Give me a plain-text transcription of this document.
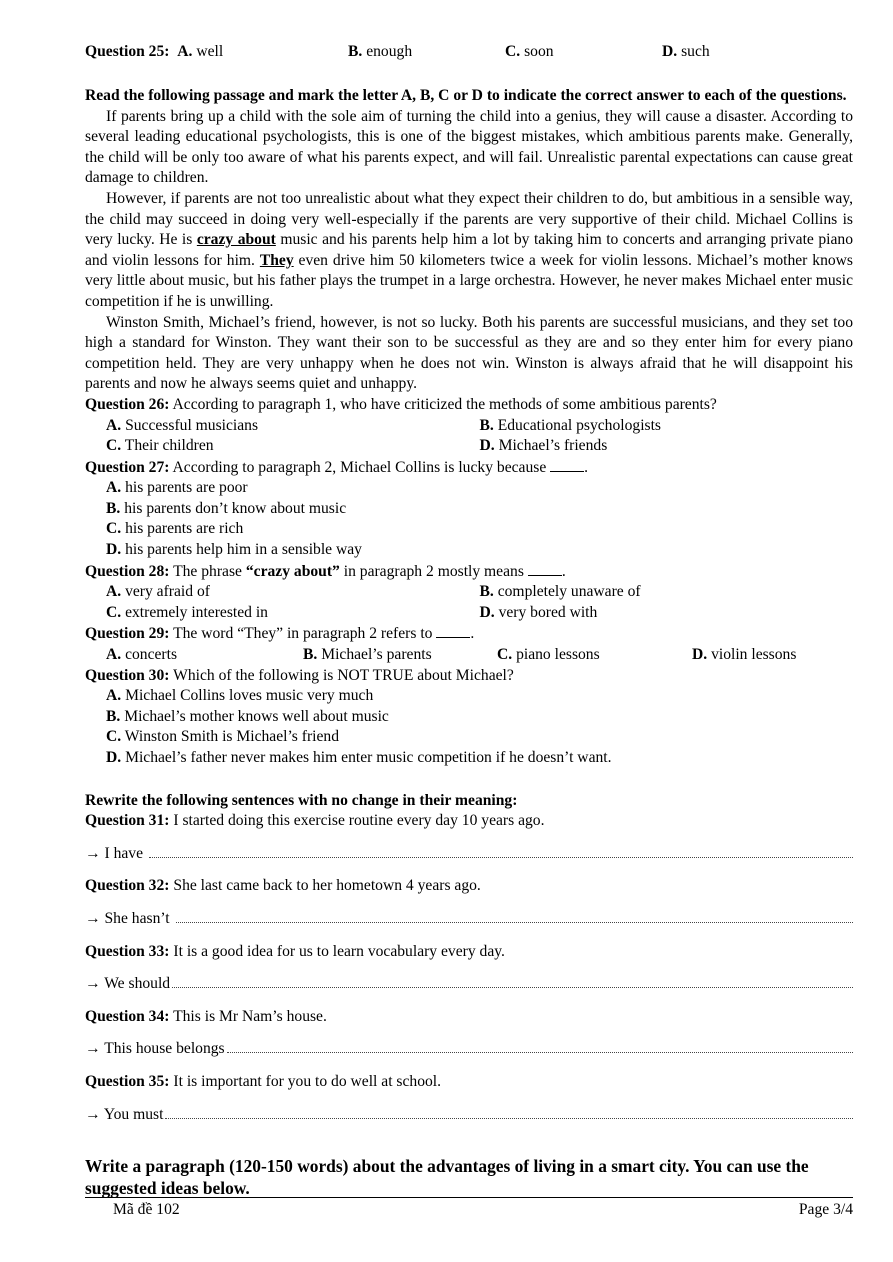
Question 25: A. well	B. enough	C. soon	D. such
Read the following passage and mark the letter A, B, C or D to indicate the correct answer to each of the questions.
If parents bring up a child with the sole aim of turning the child into a genius, they will cause a disaster. According to several leading educational psychologists, this is one of the biggest mistakes, which ambitious parents make. Generally, the child will be only too aware of what his parents expect, and will fail. Unrealistic parental expectations can cause great damage to children.
However, if parents are not too unrealistic about what they expect their children to do, but ambitious in a sensible way, the child may succeed in doing very well-especially if the parents are very supportive of their child. Michael Collins is very lucky. He is crazy about music and his parents help him a lot by taking him to concerts and arranging private piano and violin lessons for him. They even drive him 50 kilometers twice a week for violin lessons. Michael’s mother knows very little about music, but his father plays the trumpet in a large orchestra. However, he never makes Michael enter music competition if he is unwilling.
Winston Smith, Michael’s friend, however, is not so lucky. Both his parents are successful musicians, and they set too high a standard for Winston. They want their son to be successful as they are and so they enter him for every piano competition held. They are very unhappy when he does not win. Winston is always afraid that he will disappoint his parents and now he always seems quiet and unhappy.
Question 26: According to paragraph 1, who have criticized the methods of some ambitious parents?
A. Successful musicians	B. Educational psychologists
C. Their children	D. Michael’s friends
Question 27: According to paragraph 2, Michael Collins is lucky because .
A. his parents are poor
B. his parents don’t know about music
C. his parents are rich
D. his parents help him in a sensible way
Question 28: The phrase “crazy about” in paragraph 2 mostly means .
A. very afraid of	B. completely unaware of
C. extremely interested in	D. very bored with
Question 29: The word “They” in paragraph 2 refers to .
A. concerts	B. Michael’s parents	C. piano lessons	D. violin lessons
Question 30: Which of the following is NOT TRUE about Michael?
A. Michael Collins loves music very much
B. Michael’s mother knows well about music
C. Winston Smith is Michael’s friend
D. Michael’s father never makes him enter music competition if he doesn’t want.
Rewrite the following sentences with no change in their meaning:
Question 31: I started doing this exercise routine every day 10 years ago.
→ I have
Question 32: She last came back to her hometown 4 years ago.
→ She hasn’t
Question 33: It is a good idea for us to learn vocabulary every day.
→ We should
Question 34: This is Mr Nam’s house.
→ This house belongs
Question 35: It is important for you to do well at school.
→ You must
Write a paragraph (120-150 words) about the advantages of living in a smart city. You can use the suggested ideas below.
Mã đề 102	Page 3/4
